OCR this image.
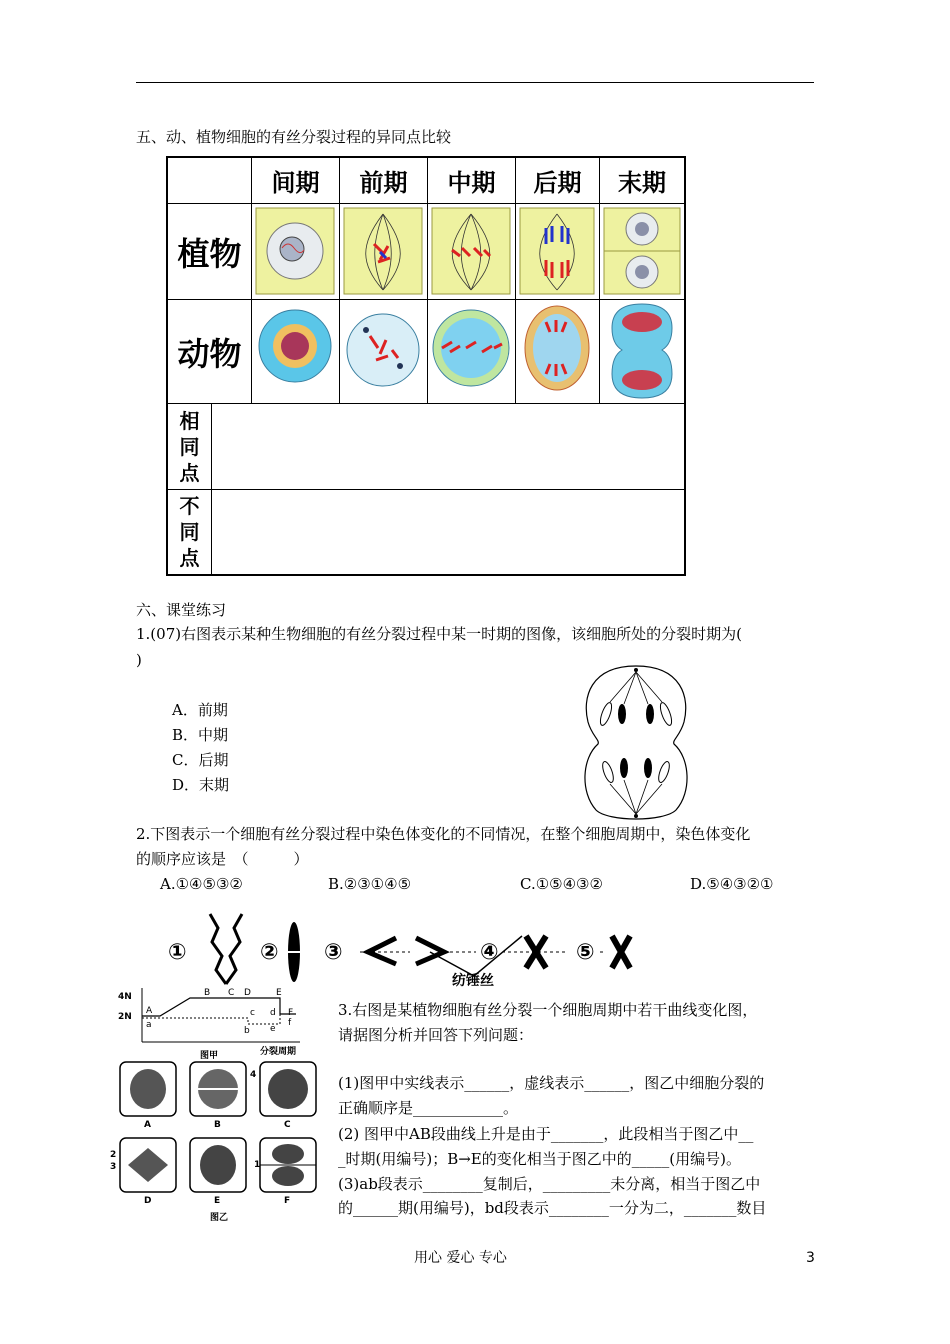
五、动、植物细胞的有丝分裂过程的异同点比较
间期	前期	中期	后期	末期
植物
动物
相
同
点
不
同
点
六、课堂练习
1.(07)右图表示某种生物细胞的有丝分裂过程中某一时期的图像，该细胞所处的分裂时期为(
)
A．前期
B．中期
C．后期
D．末期
2.下图表示一个细胞有丝分裂过程中染色体变化的不同情况，在整个细胞周期中，染色体变化
的顺序应该是　（　　　）
A.①④⑤③②	B.②③①④⑤	C.①⑤④③②	D.⑤④③②①
①	② ③	④	⑤
纺锤丝
4N
2N
A
B C D	E
F
a
b
c d
e
f
分裂周期
图甲
A	B	C
D	E	F
4
2
3	1
图乙
3.右图是某植物细胞有丝分裂一个细胞周期中若干曲线变化图，
请据图分析并回答下列问题：
(1)图甲中实线表示______，虚线表示______，图乙中细胞分裂的
正确顺序是____________。
(2) 图甲中AB段曲线上升是由于_______，此段相当于图乙中__
_时期(用编号)；B→E的变化相当于图乙中的_____(用编号)。
(3)ab段表示________复制后，_________未分离，相当于图乙中
的______期(用编号)，bd段表示________一分为二，_______数目
用心 爱心 专心	3
